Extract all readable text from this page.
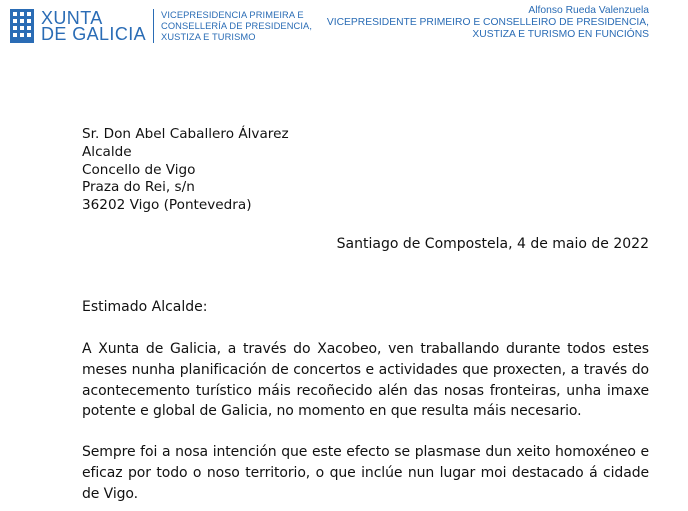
XUNTA
DE GALICIA
VICEPRESIDENCIA PRIMEIRA E
CONSELLERÍA DE PRESIDENCIA,
XUSTIZA E TURISMO
Alfonso Rueda Valenzuela
VICEPRESIDENTE PRIMEIRO E CONSELLEIRO DE PRESIDENCIA,
XUSTIZA E TURISMO EN FUNCIÓNS
Sr. Don Abel Caballero Álvarez
Alcalde
Concello de Vigo
Praza do Rei, s/n
36202 Vigo (Pontevedra)
Santiago de Compostela, 4 de maio de 2022
Estimado Alcalde:
A Xunta de Galicia, a través do Xacobeo, ven traballando durante todos estes meses nunha planificación de concertos e actividades que proxecten, a través do acontecemento turístico máis recoñecido alén das nosas fronteiras, unha imaxe potente e global de Galicia, no momento en que resulta máis necesario.
Sempre foi a nosa intención que este efecto se plasmase dun xeito homoxéneo e eficaz por todo o noso territorio, o que inclúe nun lugar moi destacado á cidade de Vigo.
